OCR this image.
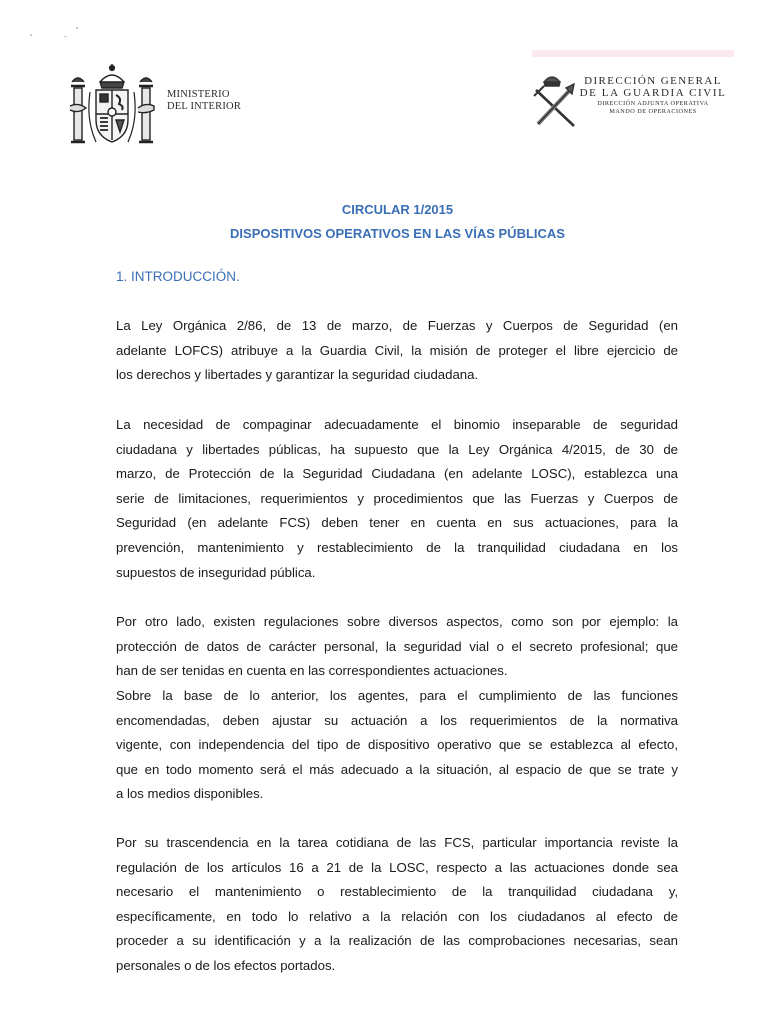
MINISTERIO
DEL INTERIOR
DIRECCIÓN GENERAL
DE LA GUARDIA CIVIL
DIRECCIÓN ADJUNTA OPERATIVA
MANDO DE OPERACIONES
CIRCULAR 1/2015
DISPOSITIVOS OPERATIVOS EN LAS VÍAS PÚBLICAS
1. INTRODUCCIÓN.
La Ley Orgánica 2/86, de 13 de marzo, de Fuerzas y Cuerpos de Seguridad (en
adelante LOFCS) atribuye a la Guardia Civil, la misión de proteger el libre ejercicio de
los derechos y libertades y garantizar la seguridad ciudadana.
La necesidad de compaginar adecuadamente el binomio inseparable de seguridad
ciudadana y libertades públicas, ha supuesto que la Ley Orgánica 4/2015, de 30 de
marzo, de Protección de la Seguridad Ciudadana (en adelante LOSC), establezca una
serie de limitaciones, requerimientos y procedimientos que las Fuerzas y Cuerpos de
Seguridad (en adelante FCS) deben tener en cuenta en sus actuaciones, para la
prevención, mantenimiento y restablecimiento de la tranquilidad ciudadana en los
supuestos de inseguridad pública.
Por otro lado, existen regulaciones sobre diversos aspectos, como son por ejemplo: la
protección de datos de carácter personal, la seguridad vial o el secreto profesional; que
han de ser tenidas en cuenta en las correspondientes actuaciones.
Sobre la base de lo anterior, los agentes, para el cumplimiento de las funciones
encomendadas, deben ajustar su actuación a los requerimientos de la normativa
vigente, con independencia del tipo de dispositivo operativo que se establezca al efecto,
que en todo momento será el más adecuado a la situación, al espacio de que se trate y
a los medios disponibles.
Por su trascendencia en la tarea cotidiana de las FCS, particular importancia reviste la
regulación de los artículos 16 a 21 de la LOSC, respecto a las actuaciones donde sea
necesario el mantenimiento o restablecimiento de la tranquilidad ciudadana y,
específicamente, en todo lo relativo a la relación con los ciudadanos al efecto de
proceder a su identificación y a la realización de las comprobaciones necesarias, sean
personales o de los efectos portados.
